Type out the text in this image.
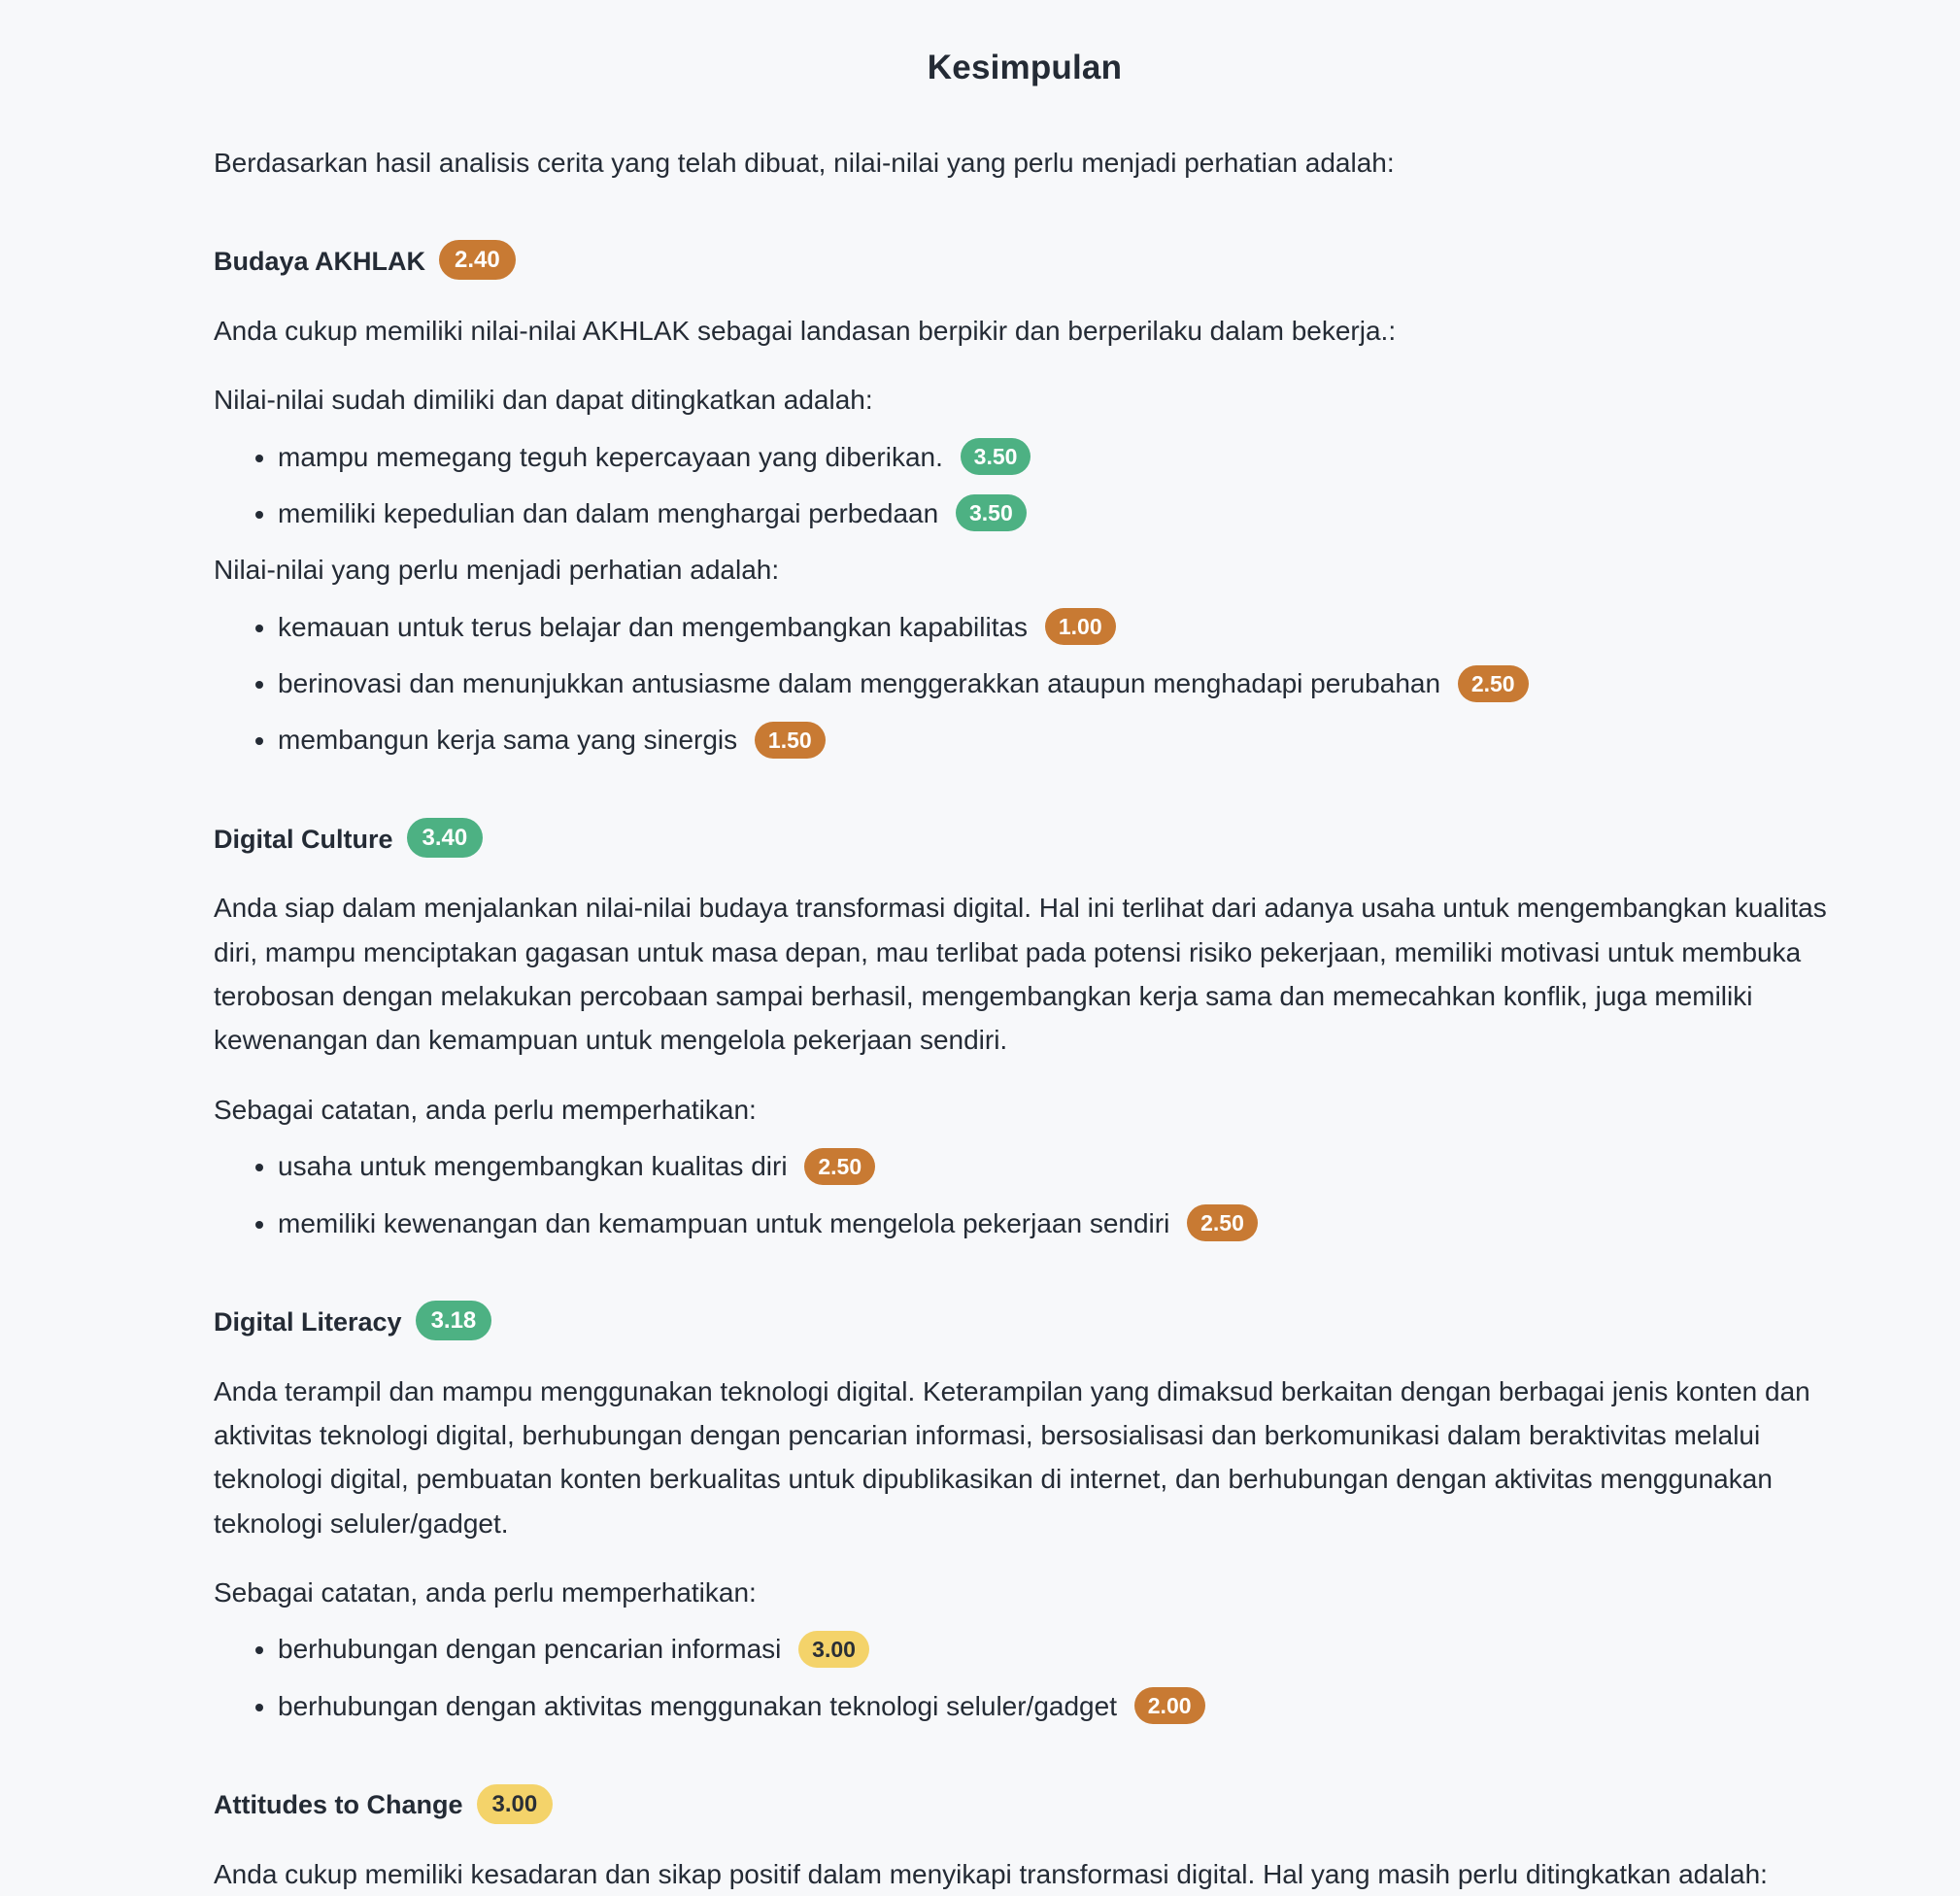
Kesimpulan

Berdasarkan hasil analisis cerita yang telah dibuat, nilai-nilai yang perlu menjadi perhatian adalah:

Budaya AKHLAK	2.40

Anda cukup memiliki nilai-nilai AKHLAK sebagai landasan berpikir dan berperilaku dalam bekerja.:

Nilai-nilai sudah dimiliki dan dapat ditingkatkan adalah:

• mampu memegang teguh kepercayaan yang diberikan. 3.50
• memiliki kepedulian dan dalam menghargai perbedaan 3.50

Nilai-nilai yang perlu menjadi perhatian adalah:

• kemauan untuk terus belajar dan mengembangkan kapabilitas 1.00
• berinovasi dan menunjukkan antusiasme dalam menggerakkan ataupun menghadapi perubahan 2.50
• membangun kerja sama yang sinergis 1.50
Digital Culture	3.40

Anda siap dalam menjalankan nilai-nilai budaya transformasi digital. Hal ini terlihat dari adanya usaha untuk mengembangkan kualitas diri, mampu menciptakan gagasan untuk masa depan, mau terlibat pada potensi risiko pekerjaan, memiliki motivasi untuk membuka terobosan dengan melakukan percobaan sampai berhasil, mengembangkan kerja sama dan memecahkan konflik, juga memiliki kewenangan dan kemampuan untuk mengelola pekerjaan sendiri.

Sebagai catatan, anda perlu memperhatikan:

• usaha untuk mengembangkan kualitas diri 2.50
• memiliki kewenangan dan kemampuan untuk mengelola pekerjaan sendiri 2.50
Digital Literacy	3.18

Anda terampil dan mampu menggunakan teknologi digital. Keterampilan yang dimaksud berkaitan dengan berbagai jenis konten dan aktivitas teknologi digital, berhubungan dengan pencarian informasi, bersosialisasi dan berkomunikasi dalam beraktivitas melalui teknologi digital, pembuatan konten berkualitas untuk dipublikasikan di internet, dan berhubungan dengan aktivitas menggunakan teknologi seluler/gadget.

Sebagai catatan, anda perlu memperhatikan:

• berhubungan dengan pencarian informasi 3.00
• berhubungan dengan aktivitas menggunakan teknologi seluler/gadget 2.00
Attitudes to Change	3.00

Anda cukup memiliki kesadaran dan sikap positif dalam menyikapi transformasi digital. Hal yang masih perlu ditingkatkan adalah:
